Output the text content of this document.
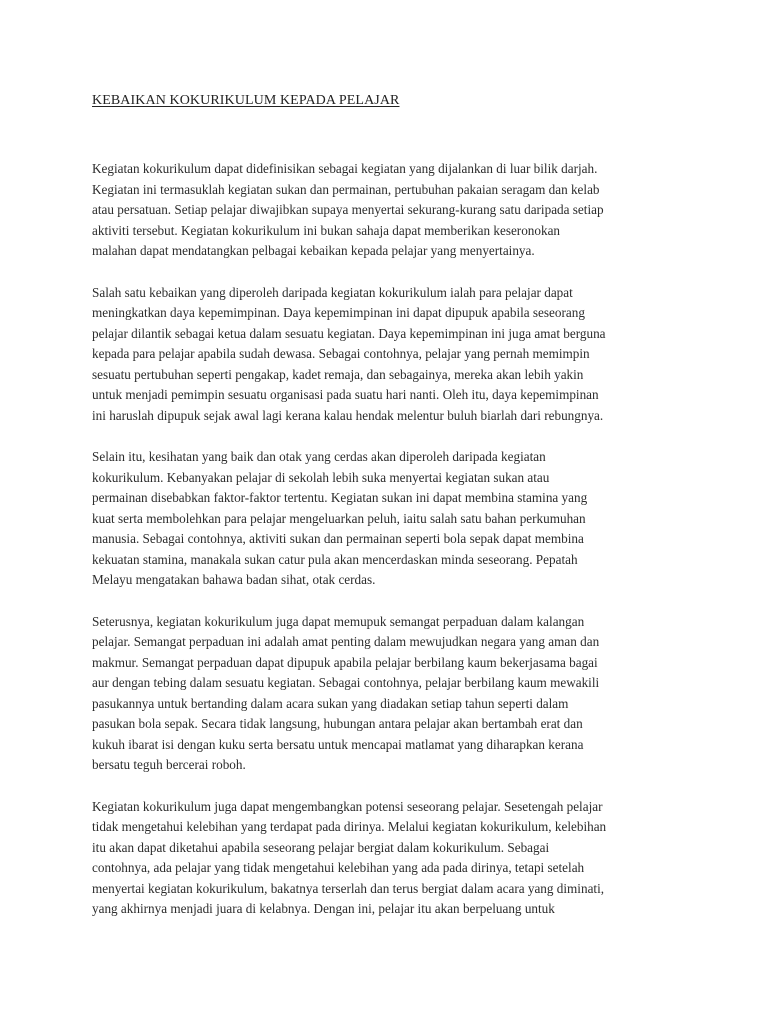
KEBAIKAN KOKURIKULUM KEPADA PELAJAR

Kegiatan kokurikulum dapat didefinisikan sebagai kegiatan yang dijalankan di luar bilik darjah.
Kegiatan ini termasuklah kegiatan sukan dan permainan, pertubuhan pakaian seragam dan kelab
atau persatuan. Setiap pelajar diwajibkan supaya menyertai sekurang-kurang satu daripada setiap
aktiviti tersebut. Kegiatan kokurikulum ini bukan sahaja dapat memberikan keseronokan
malahan dapat mendatangkan pelbagai kebaikan kepada pelajar yang menyertainya.

Salah satu kebaikan yang diperoleh daripada kegiatan kokurikulum ialah para pelajar dapat
meningkatkan daya kepemimpinan. Daya kepemimpinan ini dapat dipupuk apabila seseorang
pelajar dilantik sebagai ketua dalam sesuatu kegiatan. Daya kepemimpinan ini juga amat berguna
kepada para pelajar apabila sudah dewasa. Sebagai contohnya, pelajar yang pernah memimpin
sesuatu pertubuhan seperti pengakap, kadet remaja, dan sebagainya, mereka akan lebih yakin
untuk menjadi pemimpin sesuatu organisasi pada suatu hari nanti. Oleh itu, daya kepemimpinan
ini haruslah dipupuk sejak awal lagi kerana kalau hendak melentur buluh biarlah dari rebungnya.

Selain itu, kesihatan yang baik dan otak yang cerdas akan diperoleh daripada kegiatan
kokurikulum. Kebanyakan pelajar di sekolah lebih suka menyertai kegiatan sukan atau
permainan disebabkan faktor-faktor tertentu. Kegiatan sukan ini dapat membina stamina yang
kuat serta membolehkan para pelajar mengeluarkan peluh, iaitu salah satu bahan perkumuhan
manusia. Sebagai contohnya, aktiviti sukan dan permainan seperti bola sepak dapat membina
kekuatan stamina, manakala sukan catur pula akan mencerdaskan minda seseorang. Pepatah
Melayu mengatakan bahawa badan sihat, otak cerdas.

Seterusnya, kegiatan kokurikulum juga dapat memupuk semangat perpaduan dalam kalangan
pelajar. Semangat perpaduan ini adalah amat penting dalam mewujudkan negara yang aman dan
makmur. Semangat perpaduan dapat dipupuk apabila pelajar berbilang kaum bekerjasama bagai
aur dengan tebing dalam sesuatu kegiatan. Sebagai contohnya, pelajar berbilang kaum mewakili
pasukannya untuk bertanding dalam acara sukan yang diadakan setiap tahun seperti dalam
pasukan bola sepak. Secara tidak langsung, hubungan antara pelajar akan bertambah erat dan
kukuh ibarat isi dengan kuku serta bersatu untuk mencapai matlamat yang diharapkan kerana
bersatu teguh bercerai roboh.

Kegiatan kokurikulum juga dapat mengembangkan potensi seseorang pelajar. Sesetengah pelajar
tidak mengetahui kelebihan yang terdapat pada dirinya. Melalui kegiatan kokurikulum, kelebihan
itu akan dapat diketahui apabila seseorang pelajar bergiat dalam kokurikulum. Sebagai
contohnya, ada pelajar yang tidak mengetahui kelebihan yang ada pada dirinya, tetapi setelah
menyertai kegiatan kokurikulum, bakatnya terserlah dan terus bergiat dalam acara yang diminati,
yang akhirnya menjadi juara di kelabnya. Dengan ini, pelajar itu akan berpeluang untuk
